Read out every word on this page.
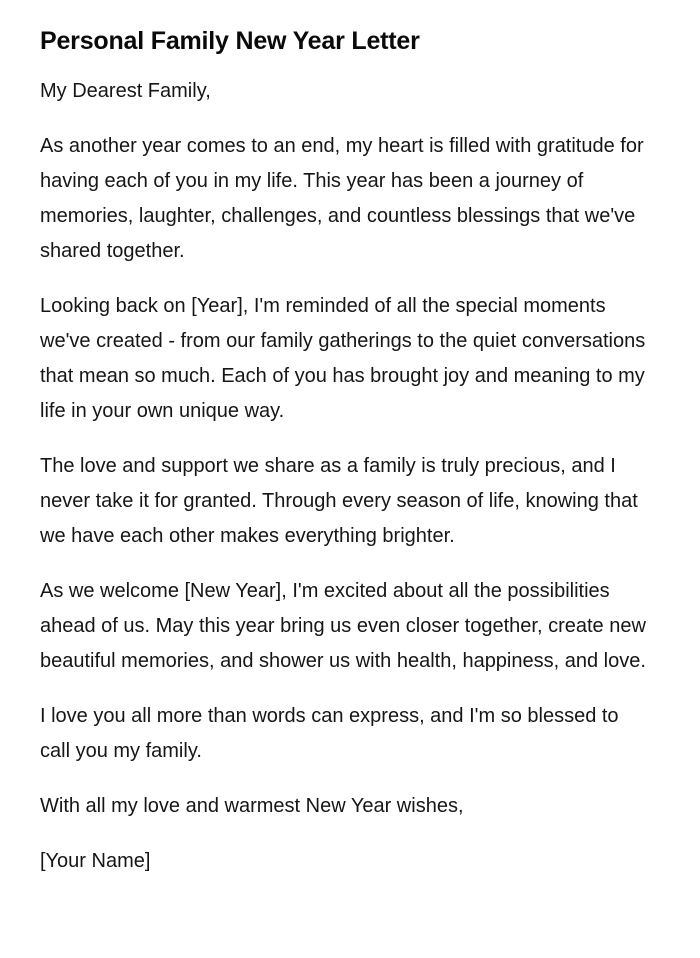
Personal Family New Year Letter

My Dearest Family,

As another year comes to an end, my heart is filled with gratitude for having each of you in my life. This year has been a journey of memories, laughter, challenges, and countless blessings that we've shared together.

Looking back on [Year], I'm reminded of all the special moments we've created - from our family gatherings to the quiet conversations that mean so much. Each of you has brought joy and meaning to my life in your own unique way.

The love and support we share as a family is truly precious, and I never take it for granted. Through every season of life, knowing that we have each other makes everything brighter.

As we welcome [New Year], I'm excited about all the possibilities ahead of us. May this year bring us even closer together, create new beautiful memories, and shower us with health, happiness, and love.

I love you all more than words can express, and I'm so blessed to call you my family.

With all my love and warmest New Year wishes,

[Your Name]
